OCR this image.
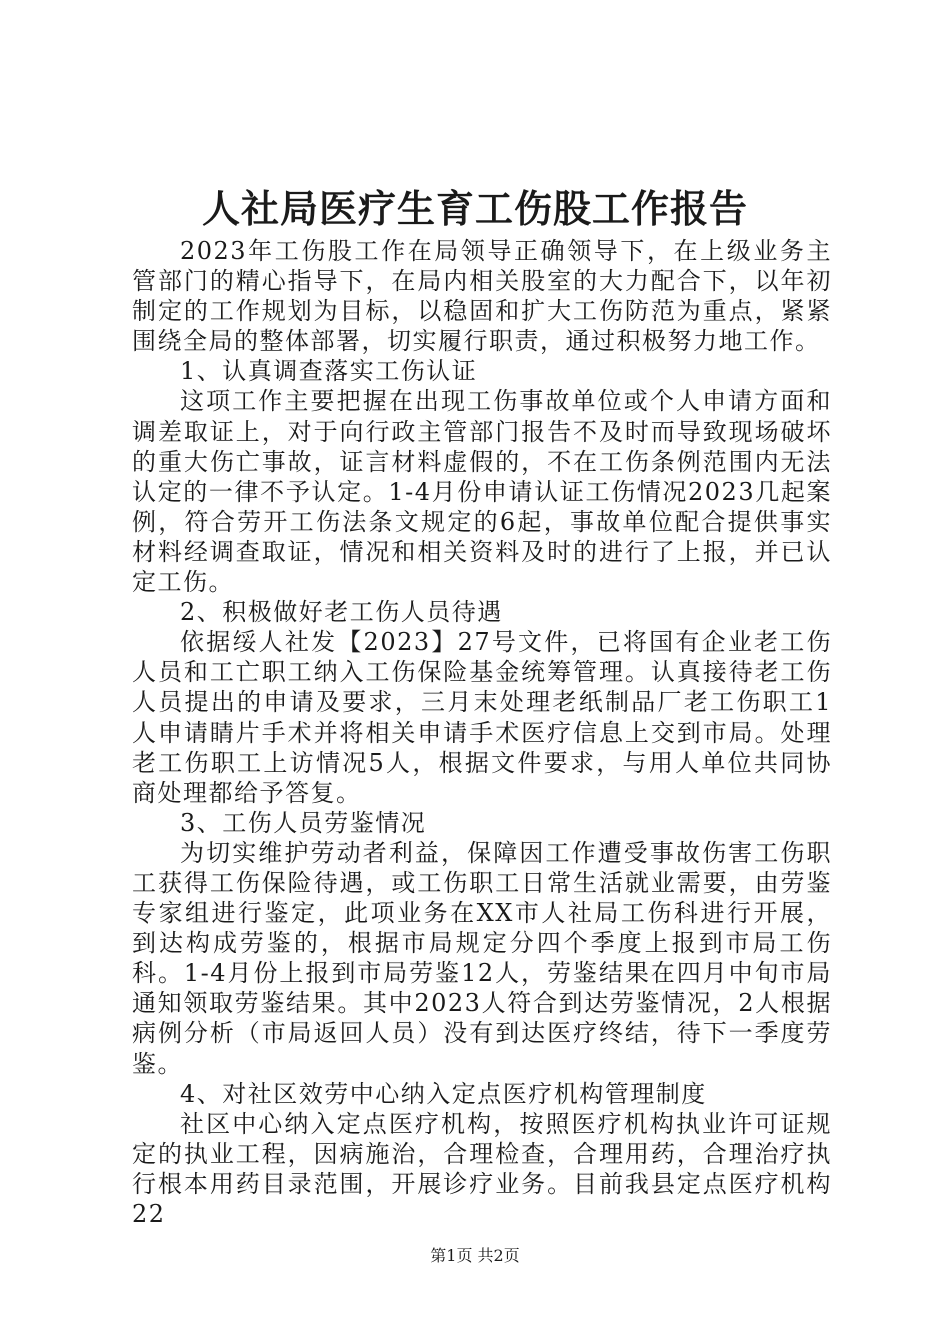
人社局医疗生育工伤股工作报告

2023年工伤股工作在局领导正确领导下，在上级业务主管部门的精心指导下，在局内相关股室的大力配合下，以年初制定的工作规划为目标，以稳固和扩大工伤防范为重点，紧紧围绕全局的整体部署，切实履行职责，通过积极努力地工作。

1、认真调查落实工伤认证

这项工作主要把握在出现工伤事故单位或个人申请方面和调差取证上，对于向行政主管部门报告不及时而导致现场破坏的重大伤亡事故，证言材料虚假的，不在工伤条例范围内无法认定的一律不予认定。1-4月份申请认证工伤情况2023几起案例，符合劳开工伤法条文规定的6起，事故单位配合提供事实材料经调查取证，情况和相关资料及时的进行了上报，并已认定工伤。

2、积极做好老工伤人员待遇

依据绥人社发【2023】27号文件，已将国有企业老工伤人员和工亡职工纳入工伤保险基金统筹管理。认真接待老工伤人员提出的申请及要求，三月末处理老纸制品厂老工伤职工1人申请睛片手术并将相关申请手术医疗信息上交到市局。处理老工伤职工上访情况5人，根据文件要求，与用人单位共同协商处理都给予答复。

3、工伤人员劳鉴情况

为切实维护劳动者利益，保障因工作遭受事故伤害工伤职工获得工伤保险待遇，或工伤职工日常生活就业需要，由劳鉴专家组进行鉴定，此项业务在XX市人社局工伤科进行开展，到达构成劳鉴的，根据市局规定分四个季度上报到市局工伤科。1-4月份上报到市局劳鉴12人，劳鉴结果在四月中旬市局通知领取劳鉴结果。其中2023人符合到达劳鉴情况，2人根据病例分析（市局返回人员）没有到达医疗终结，待下一季度劳鉴。

4、对社区效劳中心纳入定点医疗机构管理制度

社区中心纳入定点医疗机构，按照医疗机构执业许可证规定的执业工程，因病施治，合理检查，合理用药，合理治疗执行根本用药目录范围，开展诊疗业务。目前我县定点医疗机构22

第1页 共2页
